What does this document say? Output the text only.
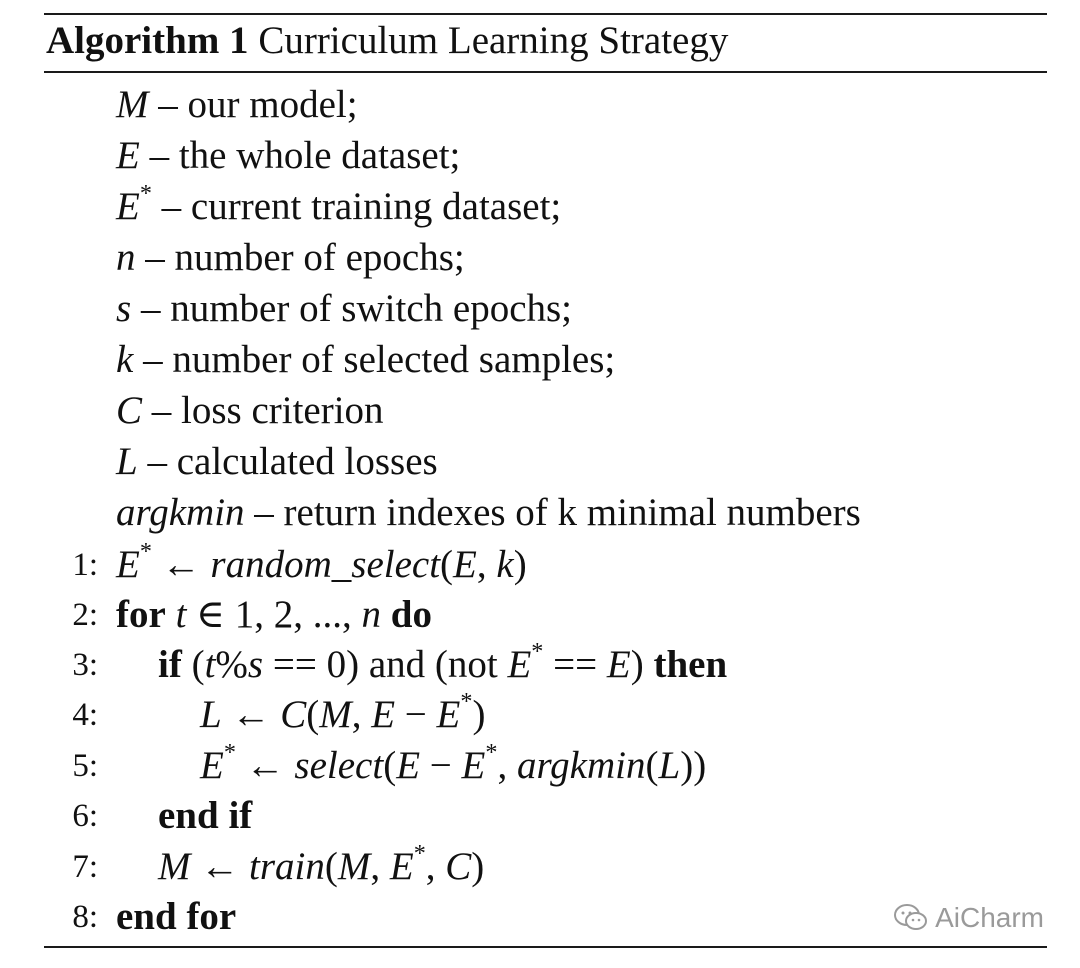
Algorithm 1 Curriculum Learning Strategy
M – our model;
E – the whole dataset;
E* – current training dataset;
n – number of epochs;
s – number of switch epochs;
k – number of selected samples;
C – loss criterion
L – calculated losses
argkmin – return indexes of k minimal numbers
1: E* ← random_select(E, k)
2: for t ∈ 1, 2, ..., n do
3: if (t%s == 0) and (not E* == E) then
4:	L ← C(M, E − E*)
5:	E* ← select(E − E*, argkmin(L))
6: end if
7: M ← train(M, E*, C)
8: end for	AiCharm
